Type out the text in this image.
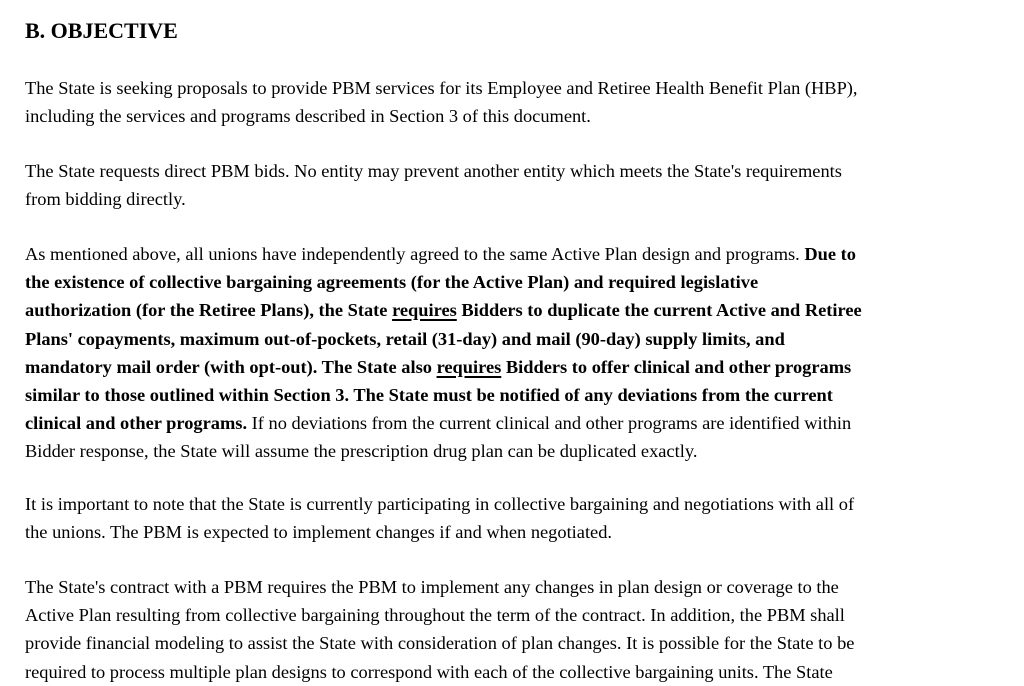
B. OBJECTIVE

The State is seeking proposals to provide PBM services for its Employee and Retiree Health Benefit Plan (HBP),
including the services and programs described in Section 3 of this document.

The State requests direct PBM bids. No entity may prevent another entity which meets the State's requirements
from bidding directly.

As mentioned above, all unions have independently agreed to the same Active Plan design and programs. Due to
the existence of collective bargaining agreements (for the Active Plan) and required legislative
authorization (for the Retiree Plans), the State requires Bidders to duplicate the current Active and Retiree
Plans' copayments, maximum out-of-pockets, retail (31-day) and mail (90-day) supply limits, and
mandatory mail order (with opt-out). The State also requires Bidders to offer clinical and other programs
similar to those outlined within Section 3. The State must be notified of any deviations from the current
clinical and other programs. If no deviations from the current clinical and other programs are identified within
Bidder response, the State will assume the prescription drug plan can be duplicated exactly.

It is important to note that the State is currently participating in collective bargaining and negotiations with all of
the unions. The PBM is expected to implement changes if and when negotiated.

The State's contract with a PBM requires the PBM to implement any changes in plan design or coverage to the
Active Plan resulting from collective bargaining throughout the term of the contract. In addition, the PBM shall
provide financial modeling to assist the State with consideration of plan changes. It is possible for the State to be
required to process multiple plan designs to correspond with each of the collective bargaining units. The State
